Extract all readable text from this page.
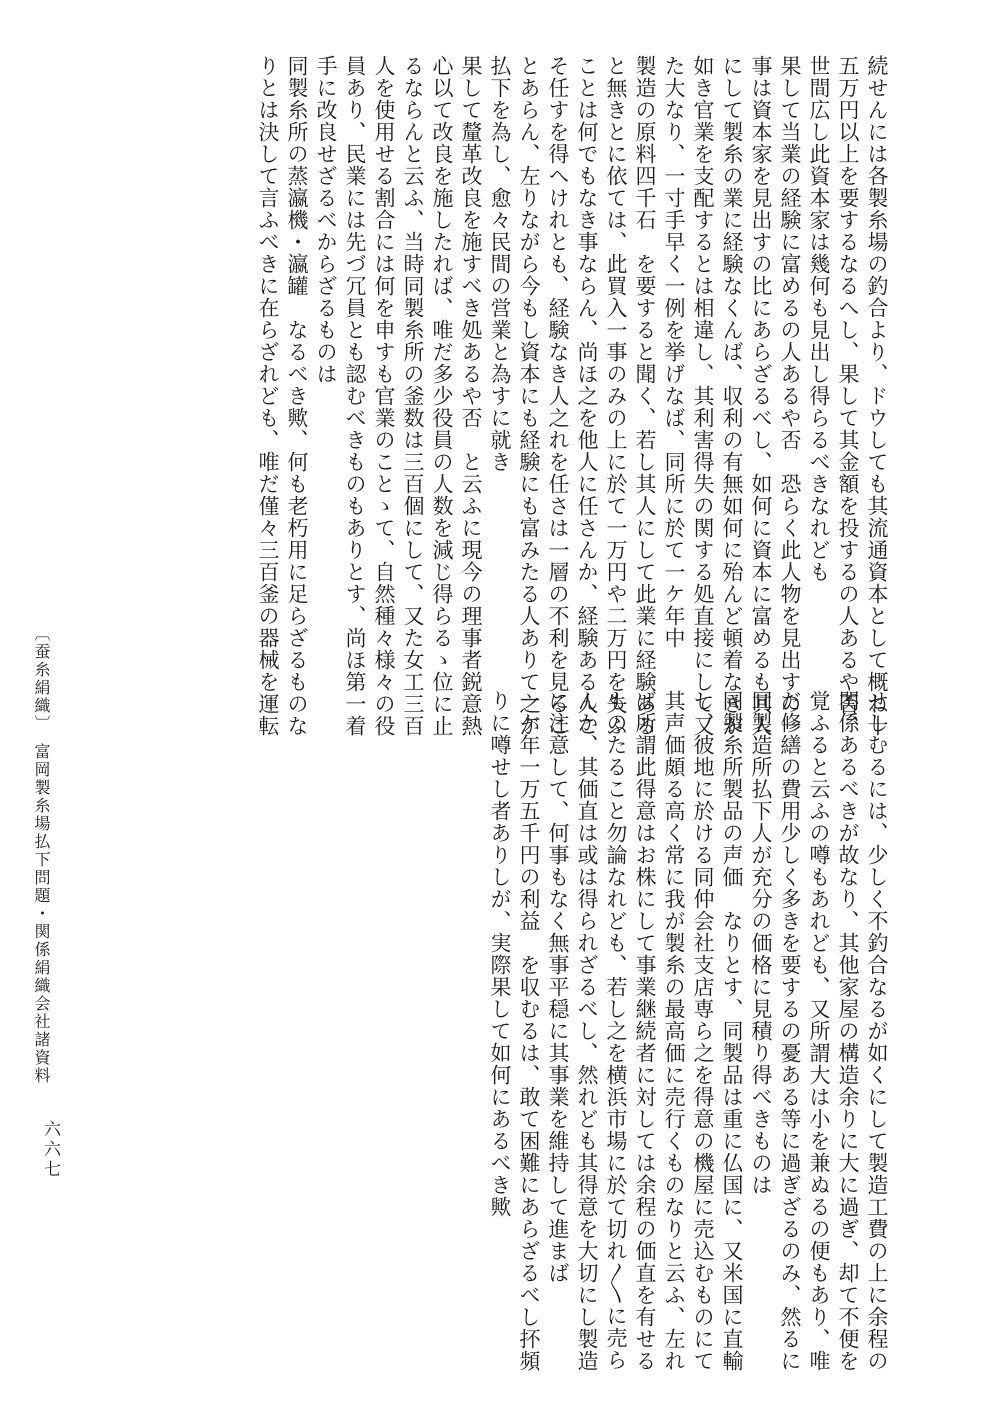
続せんには各製糸場の釣合より、ドウしても其流通資本として概ね十
五万円以上を要するなるへし、果して其金額を投するの人あるや否、
世間広し此資本家は幾何も見出し得らるべきなれども
果して当業の経験に富めるの人あるや否　恐らく此人物を見出すの一
事は資本家を見出すの比にあらざるべし、如何に資本に富めるも其人
にして製糸の業に経験なくんば、収利の有無如何に殆んど頓着なきが
如き官業を支配するとは相違し、其利害得失の関する処直接にして又
た大なり、一寸手早く一例を挙げなば、同所に於て一ケ年中
製造の原料四千石　を要すると聞く、若し其人にして此業に経験ある
と無きとに依ては、此買入一事のみの上に於て一万円や二万円を失ふ
ことは何でもなき事ならん、尚ほ之を他人に任さんか、経験ある人こ
そ任すを得へけれとも、経験なき人之れを任さは一層の不利を見るこ
とあらん、左りながら今もし資本にも経験にも富みたる人ありて之が
払下を為し、愈々民間の営業と為すに就き
果して釐革改良を施すべき処あるや否　と云ふに現今の理事者鋭意熱
心以て改良を施したれば、唯だ多少役員の人数を減じ得らるゝ位に止
るならんと云ふ、当時同製糸所の釜数は三百個にして、又た女工三百
人を使用せる割合には何を申すも官業のことゝて、自然種々様々の役
員あり、民業には先づ冗員とも認むべきものもありとす、尚ほ第一着
手に改良せざるべからざるものは
同製糸所の蒸瀛機・瀛罐　なるべき歟、何も老朽用に足らざるものな
りとは決して言ふべきに在らざれども、唯だ僅々三百釜の器械を運転
せしむるには、少しく不釣合なるが如くにして製造工費の上に余程の
関係あるべきが故なり、其他家屋の構造余りに大に過ぎ、却て不便を
覚ふると云ふの噂もあれども、又所謂大は小を兼ぬるの便もあり、唯
だ修繕の費用少しく多きを要するの憂ある等に過ぎざるのみ、然るに
同製造所払下人が充分の価格に見積り得べきものは
同製糸所製品の声価　なりとす、同製品は重に仏国に、又米国に直輸
し、彼地に於ける同仲会社支店専ら之を得意の機屋に売込むものにて
其声価頗る高く常に我が製糸の最高価に売行くものなりと云ふ、左れ
ば所謂此得意はお株にして事業継続者に対しては余程の価直を有せる
ものたること勿論なれども、若し之を横浜市場に於て切れ〳〵に売ら
んか、其価直は或は得られざるべし、然れども其得意を大切にし製造
に注意して、何事もなく無事平穏に其事業を維持して進まば
一ケ年一万五千円の利益　を収むるは、敢て困難にあらざるべし抔頻
りに噂せし者ありしが、実際果して如何にあるべき歟
〔蚕糸絹織〕　富岡製糸場払下問題・関係絹織会社諸資料
六六七
